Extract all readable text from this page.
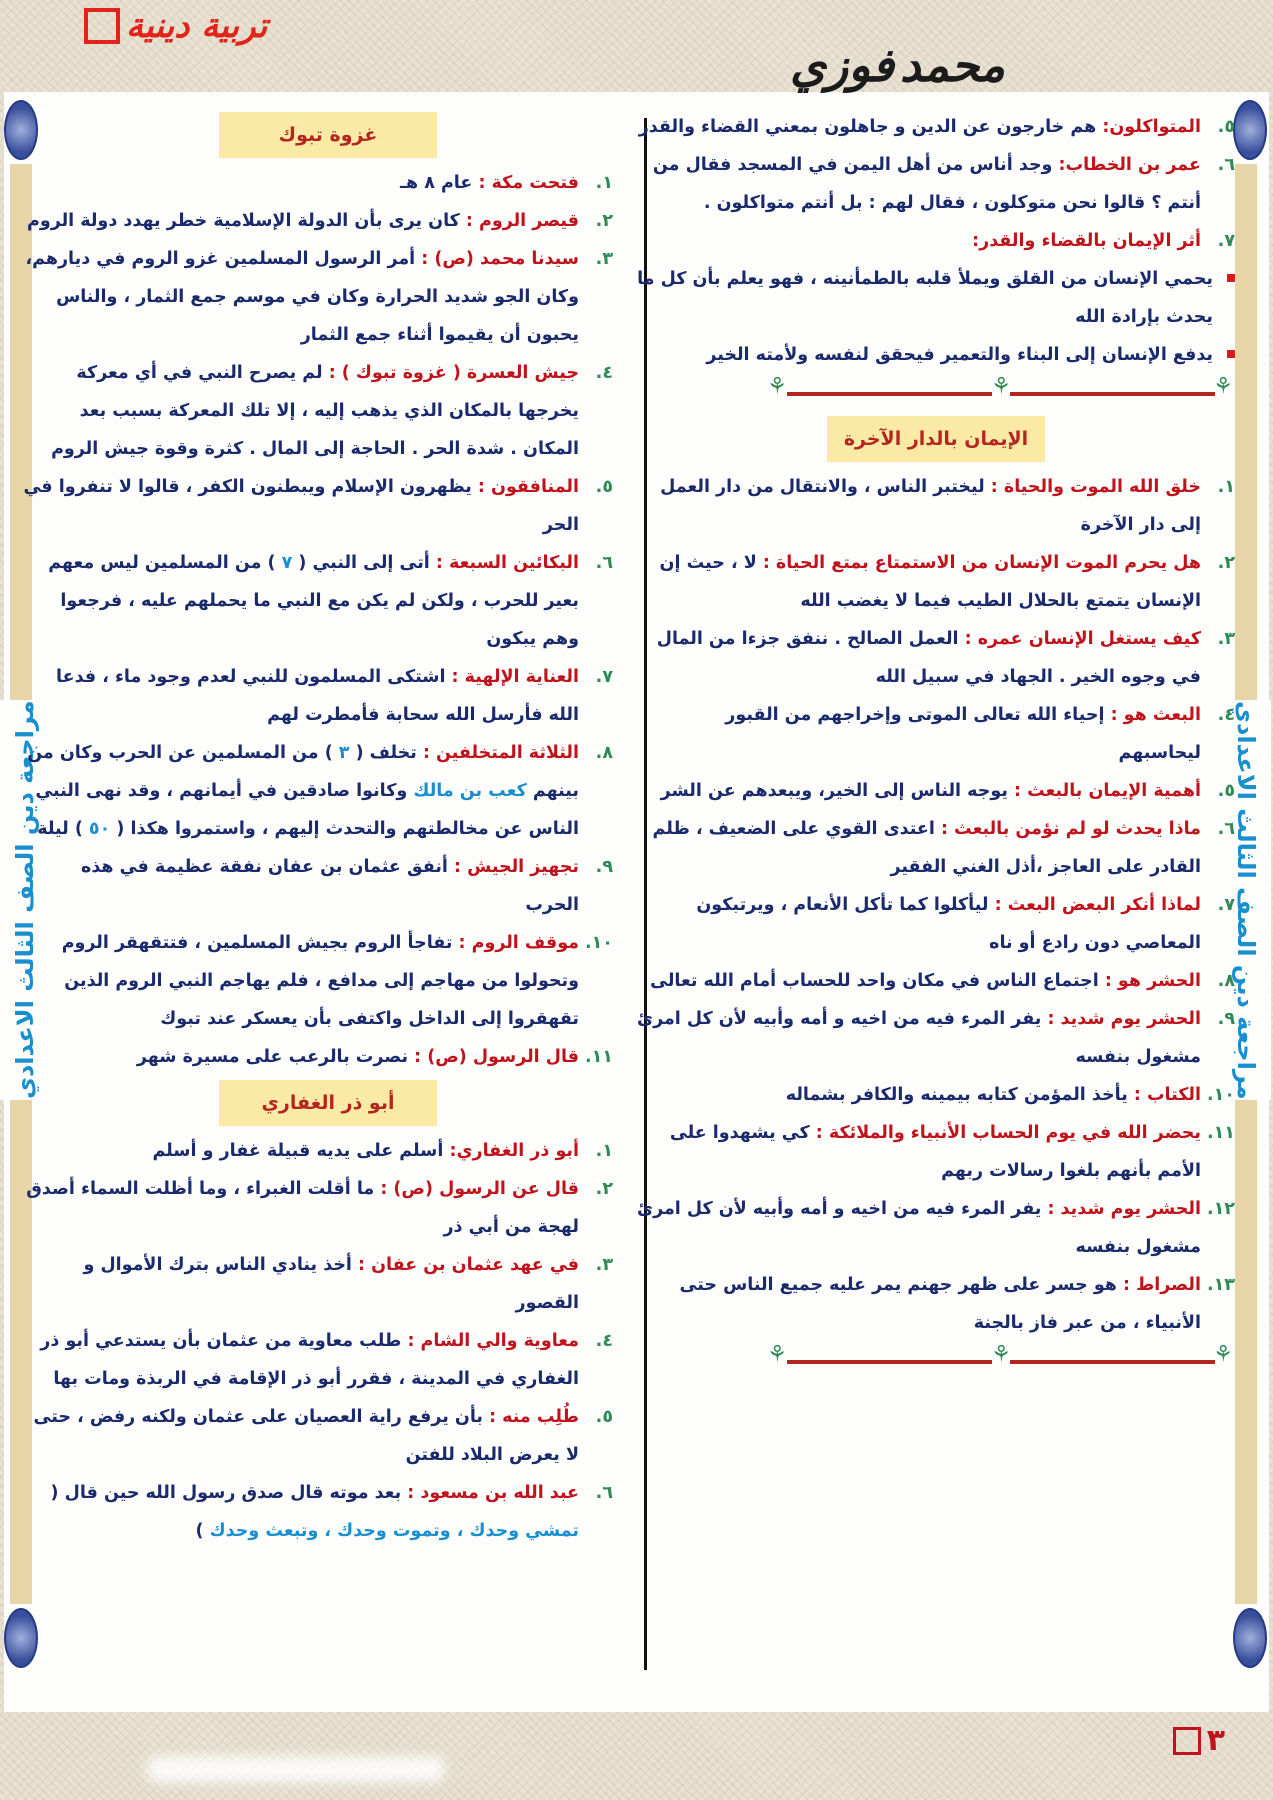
تربية دينية
محمد
فوزي
مراجعة دين الصف الثالث الاعدادي
مراجعة دين الصف الثالث الاعدادي
٥.
المتواكلون: هم خارجون عن الدين و جاهلون بمعني القضاء والقدر
٦.
عمر بن الخطاب: وجد أناس من أهل اليمن في المسجد فقال من أنتم ؟ قالوا نحن متوكلون ، فقال لهم : بل أنتم متواكلون .
٧.
أثر الإيمان بالقضاء والقدر:
يحمي الإنسان من القلق ويملأ قلبه بالطمأنينه ، فهو يعلم بأن كل ما يحدث بإرادة الله
يدفع الإنسان إلى البناء والتعمير فيحقق لنفسه ولأمته الخير
⚘
⚘
⚘
الإيمان بالدار الآخرة
١.
خلق الله الموت والحياة : ليختبر الناس ، والانتقال من دار العمل إلى دار الآخرة
٢.
هل يحرم الموت الإنسان من الاستمتاع بمتع الحياة : لا ، حيث إن الإنسان يتمتع بالحلال الطيب فيما لا يغضب الله
٣.
كيف يستغل الإنسان عمره : العمل الصالح . ننفق جزءا من المال في وجوه الخير . الجهاد في سبيل الله
٤.
البعث هو : إحياء الله تعالى الموتى وإخراجهم من القبور ليحاسبهم
٥.
أهمية الإيمان بالبعث : يوجه الناس إلى الخير، ويبعدهم عن الشر
٦.
ماذا يحدث لو لم نؤمن بالبعث : اعتدى القوي على الضعيف ، ظلم القادر على العاجز ،أذل الغني الفقير
٧.
لماذا أنكر البعض البعث : ليأكلوا كما تأكل الأنعام ، ويرتبكون المعاصي دون رادع أو ناه
٨.
الحشر هو : اجتماع الناس في مكان واحد للحساب أمام الله تعالى
٩.
الحشر يوم شديد : يفر المرء فيه من اخيه و أمه وأبيه لأن كل امرئ مشغول بنفسه
١٠.
الكتاب : يأخذ المؤمن كتابه بيمينه والكافر بشماله
١١.
يحضر الله في يوم الحساب الأنبياء والملائكة : كي يشهدوا على الأمم بأنهم بلغوا رسالات ربهم
١٢.
الحشر يوم شديد : يفر المرء فيه من اخيه و أمه وأبيه لأن كل امرئ مشغول بنفسه
١٣.
الصراط : هو جسر على ظهر جهنم يمر عليه جميع الناس حتى الأنبياء ، من عبر فاز بالجنة
⚘
⚘
⚘
غزوة تبوك
١.
فتحت مكة : عام ٨ هـ
٢.
قيصر الروم : كان يرى بأن الدولة الإسلامية خطر يهدد دولة الروم
٣.
سيدنا محمد (ص) : أمر الرسول المسلمين غزو الروم في ديارهم، وكان الجو شديد الحرارة وكان في موسم جمع الثمار ، والناس يحبون أن يقيموا أثناء جمع الثمار
٤.
جيش العسرة ( غزوة تبوك ) : لم يصرح النبي في أي معركة يخرجها بالمكان الذي يذهب إليه ، إلا تلك المعركة بسبب بعد المكان . شدة الحر . الحاجة إلى المال . كثرة وقوة جيش الروم
٥.
المنافقون : يظهرون الإسلام ويبطنون الكفر ، قالوا لا تنفروا في الحر
٦.
البكائين السبعة : أتى إلى النبي ( ٧ ) من المسلمين ليس معهم بعير للحرب ، ولكن لم يكن مع النبي ما يحملهم عليه ، فرجعوا وهم يبكون
٧.
العناية الإلهية : اشتكى المسلمون للنبي لعدم وجود ماء ، فدعا الله فأرسل الله سحابة فأمطرت لهم
٨.
الثلاثة المتخلفين : تخلف ( ٣ ) من المسلمين عن الحرب وكان من بينهم كعب بن مالك وكانوا صادقين في أيمانهم ، وقد نهى النبي الناس عن مخالطتهم والتحدث إليهم ، واستمروا هكذا ( ٥٠ ) ليلة
٩.
تجهيز الجيش : أنفق عثمان بن عفان نفقة عظيمة في هذه الحرب
١٠.
موقف الروم : تفاجأ الروم بجيش المسلمين ، فتتقهقر الروم وتحولوا من مهاجم إلى مدافع ، فلم يهاجم النبي الروم الذين تقهقروا إلى الداخل واكتفى بأن يعسكر عند تبوك
١١.
قال الرسول (ص) : نصرت بالرعب على مسيرة شهر
أبو ذر الغفاري
١.
أبو ذر الغفاري: أسلم على يديه قبيلة غفار و أسلم
٢.
قال عن الرسول (ص) : ما أقلت الغبراء ، وما أظلت السماء أصدق لهجة من أبي ذر
٣.
في عهد عثمان بن عفان : أخذ ينادي الناس بترك الأموال و القصور
٤.
معاوية والي الشام : طلب معاوية من عثمان بأن يستدعي أبو ذر الغفاري في المدينة ، فقرر أبو ذر الإقامة في الربذة ومات بها
٥.
طُلِب منه : بأن يرفع راية العصيان على عثمان ولكنه رفض ، حتى لا يعرض البلاد للفتن
٦.
عبد الله بن مسعود : بعد موته قال صدق رسول الله حين قال ( تمشي وحدك ، وتموت وحدك ، وتبعث وحدك )
٣
